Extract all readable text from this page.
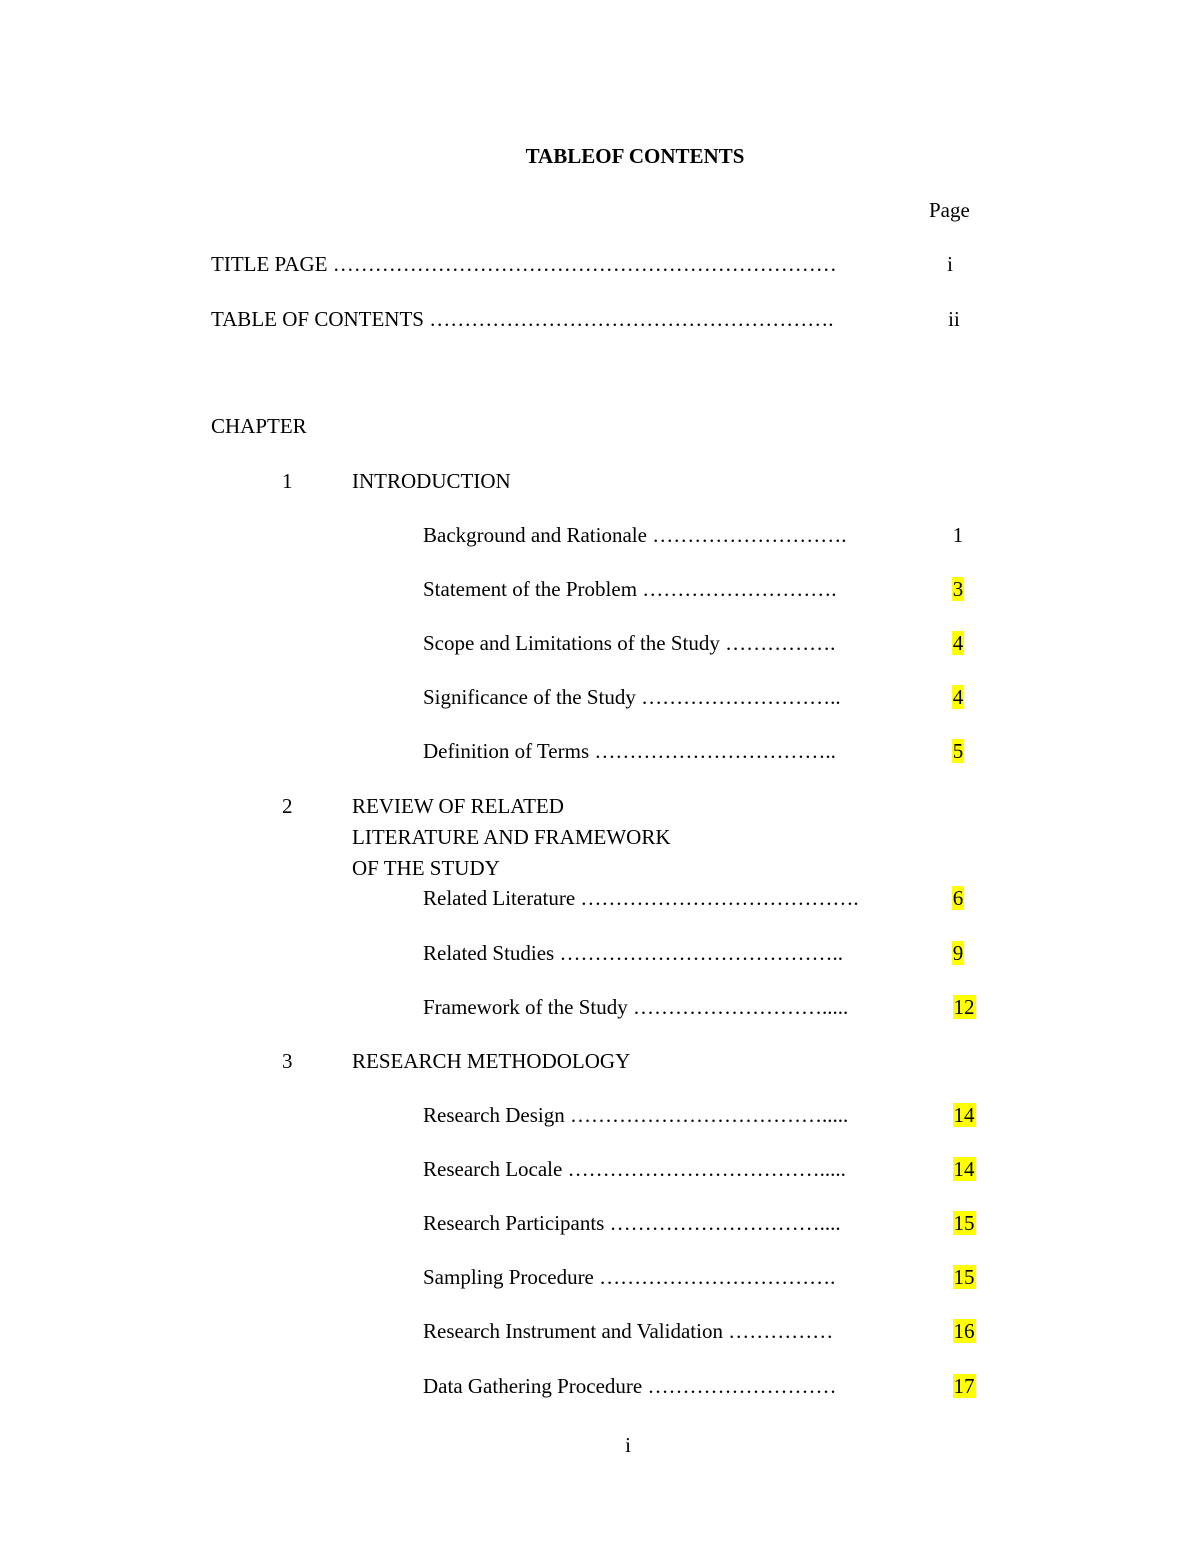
TABLEOF CONTENTS
Page
TITLE PAGE ………………………………………………………………	i
TABLE OF CONTENTS ………………………………………………….	ii
CHAPTER
1	INTRODUCTION
Background and Rationale ……………………….	1
Statement of the Problem ……………………….	3
Scope and Limitations of the Study …………….	4
Significance of the Study ………………………..	4
Definition of Terms ……………………………..	5
2	REVIEW OF RELATED
LITERATURE AND FRAMEWORK
OF THE STUDY
Related Literature ………………………………….	6
Related Studies …………………………………..	9
Framework of the Study ……………………….....	12
3	RESEARCH METHODOLOGY
Research Design ……………………………….....	14
Research Locale ……………………………….....	14
Research Participants …………………………....	15
Sampling Procedure …………………………….	15
Research Instrument and Validation ……………	16
Data Gathering Procedure ………………………	17
i
